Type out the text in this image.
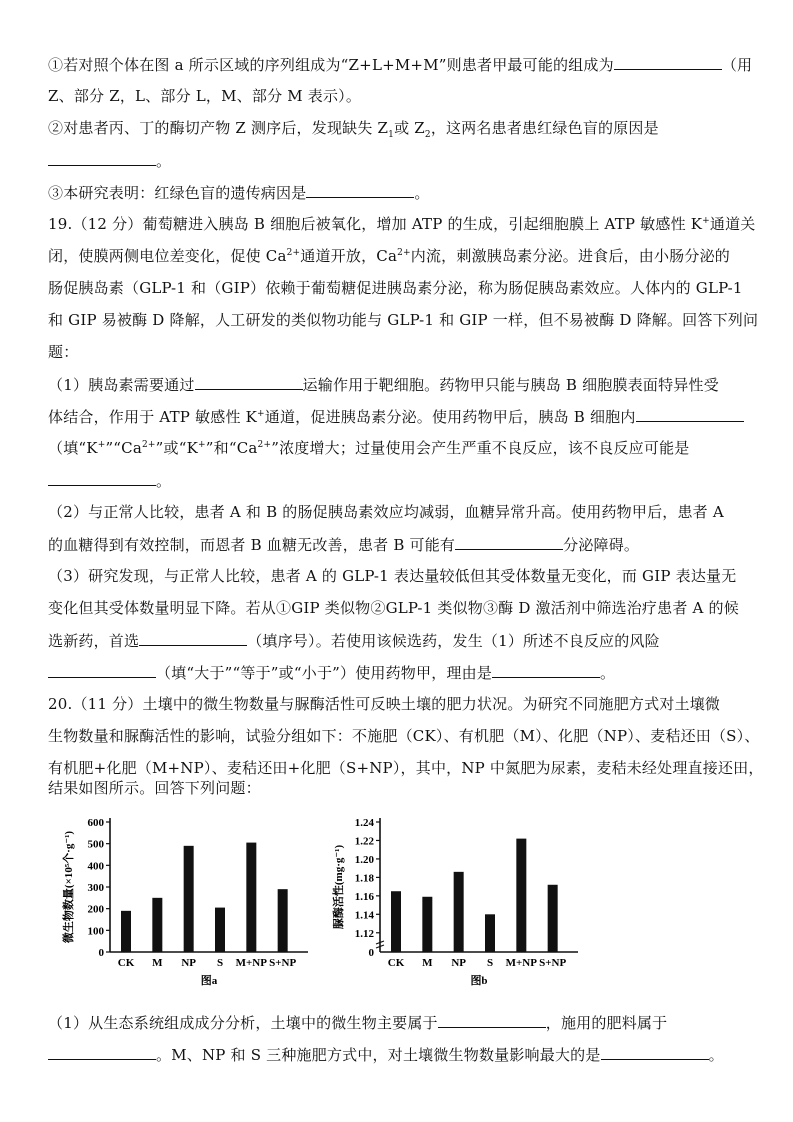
①若对照个体在图 a 所示区域的序列组成为“Z+L+M+M”则患者甲最可能的组成为	（用
Z、部分 Z，L、部分 L，M、部分 M 表示）。
②对患者丙、丁的酶切产物 Z 测序后，发现缺失 $Z_1$或 $Z_2$，这两名患者患红绿色盲的原因是
。
③本研究表明：红绿色盲的遗传病因是	。
19.（12 分）葡萄糖进入胰岛 B 细胞后被氧化，增加 ATP 的生成，引起细胞膜上 ATP 敏感性 K+通道关
闭，使膜两侧电位差变化，促使 $Ca^{2+}$通道开放，$Ca^{2+}$内流，刺激胰岛素分泌。进食后，由小肠分泌的
肠促胰岛素（GLP-1 和（GIP）依赖于葡萄糖促进胰岛素分泌，称为肠促胰岛素效应。人体内的 GLP-1
和 GIP 易被酶 D 降解，人工研发的类似物功能与 GLP-1 和 GIP 一样，但不易被酶 D 降解。回答下列问
题：
（1）胰岛素需要通过	运输作用于靶细胞。药物甲只能与胰岛 B 细胞膜表面特异性受
体结合，作用于 ATP 敏感性 K+通道，促进胰岛素分泌。使用药物甲后，胰岛 B 细胞内
（填“$K^+”“Ca^{2+}$”或“K+”和“$Ca^{2+}$”浓度增大；过量使用会产生严重不良反应，该不良反应可能是
。
（2）与正常人比较，患者 A 和 B 的肠促胰岛素效应均减弱，血糖异常升高。使用药物甲后，患者 A
的血糖得到有效控制，而恩者 B 血糖无改善，患者 B 可能有	分泌障碍。
（3）研究发现，与正常人比较，患者 A 的 GLP-1 表达量较低但其受体数量无变化，而 GIP 表达量无
变化但其受体数量明显下降。若从①GIP 类似物②GLP-1 类似物③酶 D 激活剂中筛选治疗患者 A 的候
选新药，首选	（填序号）。若使用该候选药，发生（1）所述不良反应的风险
（填“大于”“等于”或“小于”）使用药物甲，理由是	。
20.（11 分）土壤中的微生物数量与脲酶活性可反映土壤的肥力状况。为研究不同施肥方式对土壤微
生物数量和脲酶活性的影响，试验分组如下：不施肥（CK）、有机肥（M）、化肥（NP）、麦秸还田（S）、
有机肥+化肥（M+NP）、麦秸还田+化肥（S+NP），其中，NP 中氮肥为尿素，麦秸未经处理直接还田，
结果如图所示。回答下列问题：
0
100
200
300
400
500
600
CK M NP S M+NP S+NP
图a
微生物数量(×10⁵个·g⁻¹)
0
1.12
1.14
1.16
1.18
1.20
1.22
1.24
CK M NP S M+NP S+NP
图b
脲酶活性(mg·g⁻¹)
（1）从生态系统组成成分分析，土壤中的微生物主要属于	，施用的肥料属于
。M、NP 和 S 三种施肥方式中，对土壤微生物数量影响最大的是	。
